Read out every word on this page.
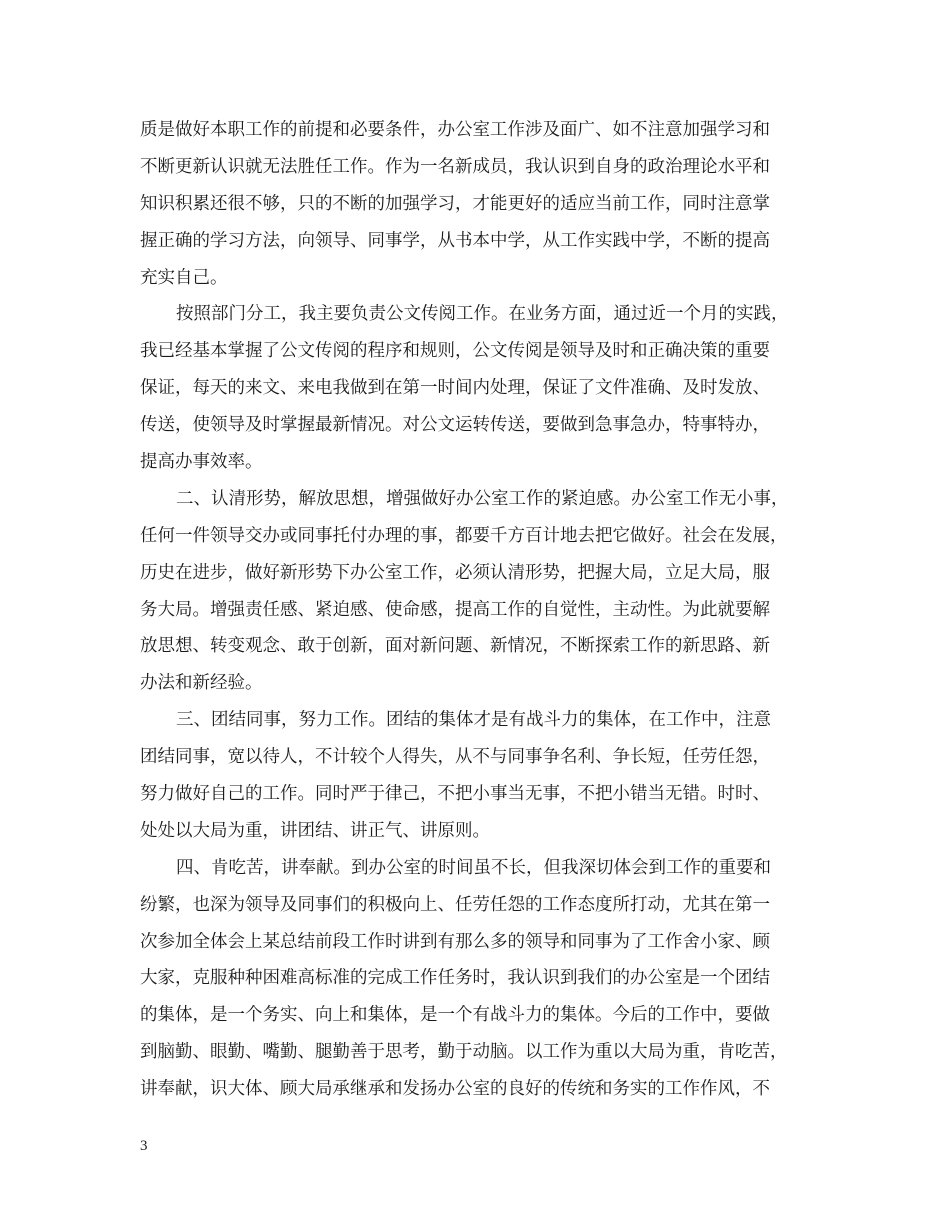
质是做好本职工作的前提和必要条件，办公室工作涉及面广、如不注意加强学习和
不断更新认识就无法胜任工作。作为一名新成员，我认识到自身的政治理论水平和
知识积累还很不够，只的不断的加强学习，才能更好的适应当前工作，同时注意掌
握正确的学习方法，向领导、同事学，从书本中学，从工作实践中学，不断的提高
充实自己。
按照部门分工，我主要负责公文传阅工作。在业务方面，通过近一个月的实践，
我已经基本掌握了公文传阅的程序和规则，公文传阅是领导及时和正确决策的重要
保证，每天的来文、来电我做到在第一时间内处理，保证了文件准确、及时发放、
传送，使领导及时掌握最新情况。对公文运转传送，要做到急事急办，特事特办，
提高办事效率。
二、认清形势，解放思想，增强做好办公室工作的紧迫感。办公室工作无小事，
任何一件领导交办或同事托付办理的事，都要千方百计地去把它做好。社会在发展，
历史在进步，做好新形势下办公室工作，必须认清形势，把握大局，立足大局，服
务大局。增强责任感、紧迫感、使命感，提高工作的自觉性，主动性。为此就要解
放思想、转变观念、敢于创新，面对新问题、新情况，不断探索工作的新思路、新
办法和新经验。
三、团结同事，努力工作。团结的集体才是有战斗力的集体，在工作中，注意
团结同事，宽以待人，不计较个人得失，从不与同事争名利、争长短，任劳任怨，
努力做好自己的工作。同时严于律己，不把小事当无事，不把小错当无错。时时、
处处以大局为重，讲团结、讲正气、讲原则。
四、肯吃苦，讲奉献。到办公室的时间虽不长，但我深切体会到工作的重要和
纷繁，也深为领导及同事们的积极向上、任劳任怨的工作态度所打动，尤其在第一
次参加全体会上某总结前段工作时讲到有那么多的领导和同事为了工作舍小家、顾
大家，克服种种困难高标准的完成工作任务时，我认识到我们的办公室是一个团结
的集体，是一个务实、向上和集体，是一个有战斗力的集体。今后的工作中，要做
到脑勤、眼勤、嘴勤、腿勤善于思考，勤于动脑。以工作为重以大局为重，肯吃苦，
讲奉献，识大体、顾大局承继承和发扬办公室的良好的传统和务实的工作作风，不
3
